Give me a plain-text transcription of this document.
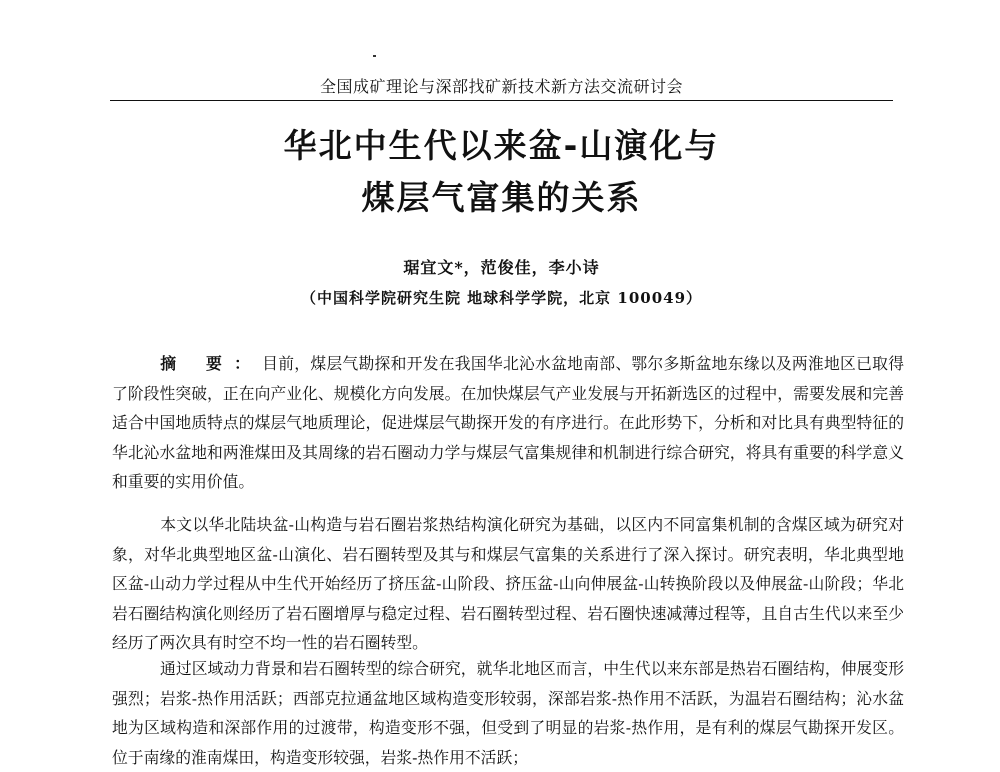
全国成矿理论与深部找矿新技术新方法交流研讨会
华北中生代以来盆-山演化与
煤层气富集的关系
琚宜文*，范俊佳，李小诗
（中国科学院研究生院 地球科学学院，北京 100049）
摘 要：目前，煤层气勘探和开发在我国华北沁水盆地南部、鄂尔多斯盆地东缘以及两淮地区已取得了阶段性突破，正在向产业化、规模化方向发展。在加快煤层气产业发展与开拓新选区的过程中，需要发展和完善适合中国地质特点的煤层气地质理论，促进煤层气勘探开发的有序进行。在此形势下，分析和对比具有典型特征的华北沁水盆地和两淮煤田及其周缘的岩石圈动力学与煤层气富集规律和机制进行综合研究，将具有重要的科学意义和重要的实用价值。
本文以华北陆块盆-山构造与岩石圈岩浆热结构演化研究为基础，以区内不同富集机制的含煤区域为研究对象，对华北典型地区盆-山演化、岩石圈转型及其与和煤层气富集的关系进行了深入探讨。研究表明，华北典型地区盆-山动力学过程从中生代开始经历了挤压盆-山阶段、挤压盆-山向伸展盆-山转换阶段以及伸展盆-山阶段；华北岩石圈结构演化则经历了岩石圈增厚与稳定过程、岩石圈转型过程、岩石圈快速减薄过程等，且自古生代以来至少经历了两次具有时空不均一性的岩石圈转型。
通过区域动力背景和岩石圈转型的综合研究，就华北地区而言，中生代以来东部是热岩石圈结构，伸展变形强烈；岩浆-热作用活跃；西部克拉通盆地区域构造变形较弱，深部岩浆-热作用不活跃，为温岩石圈结构；沁水盆地为区域构造和深部作用的过渡带，构造变形不强，但受到了明显的岩浆-热作用，是有利的煤层气勘探开发区。位于南缘的淮南煤田，构造变形较强，岩浆-热作用不活跃；
